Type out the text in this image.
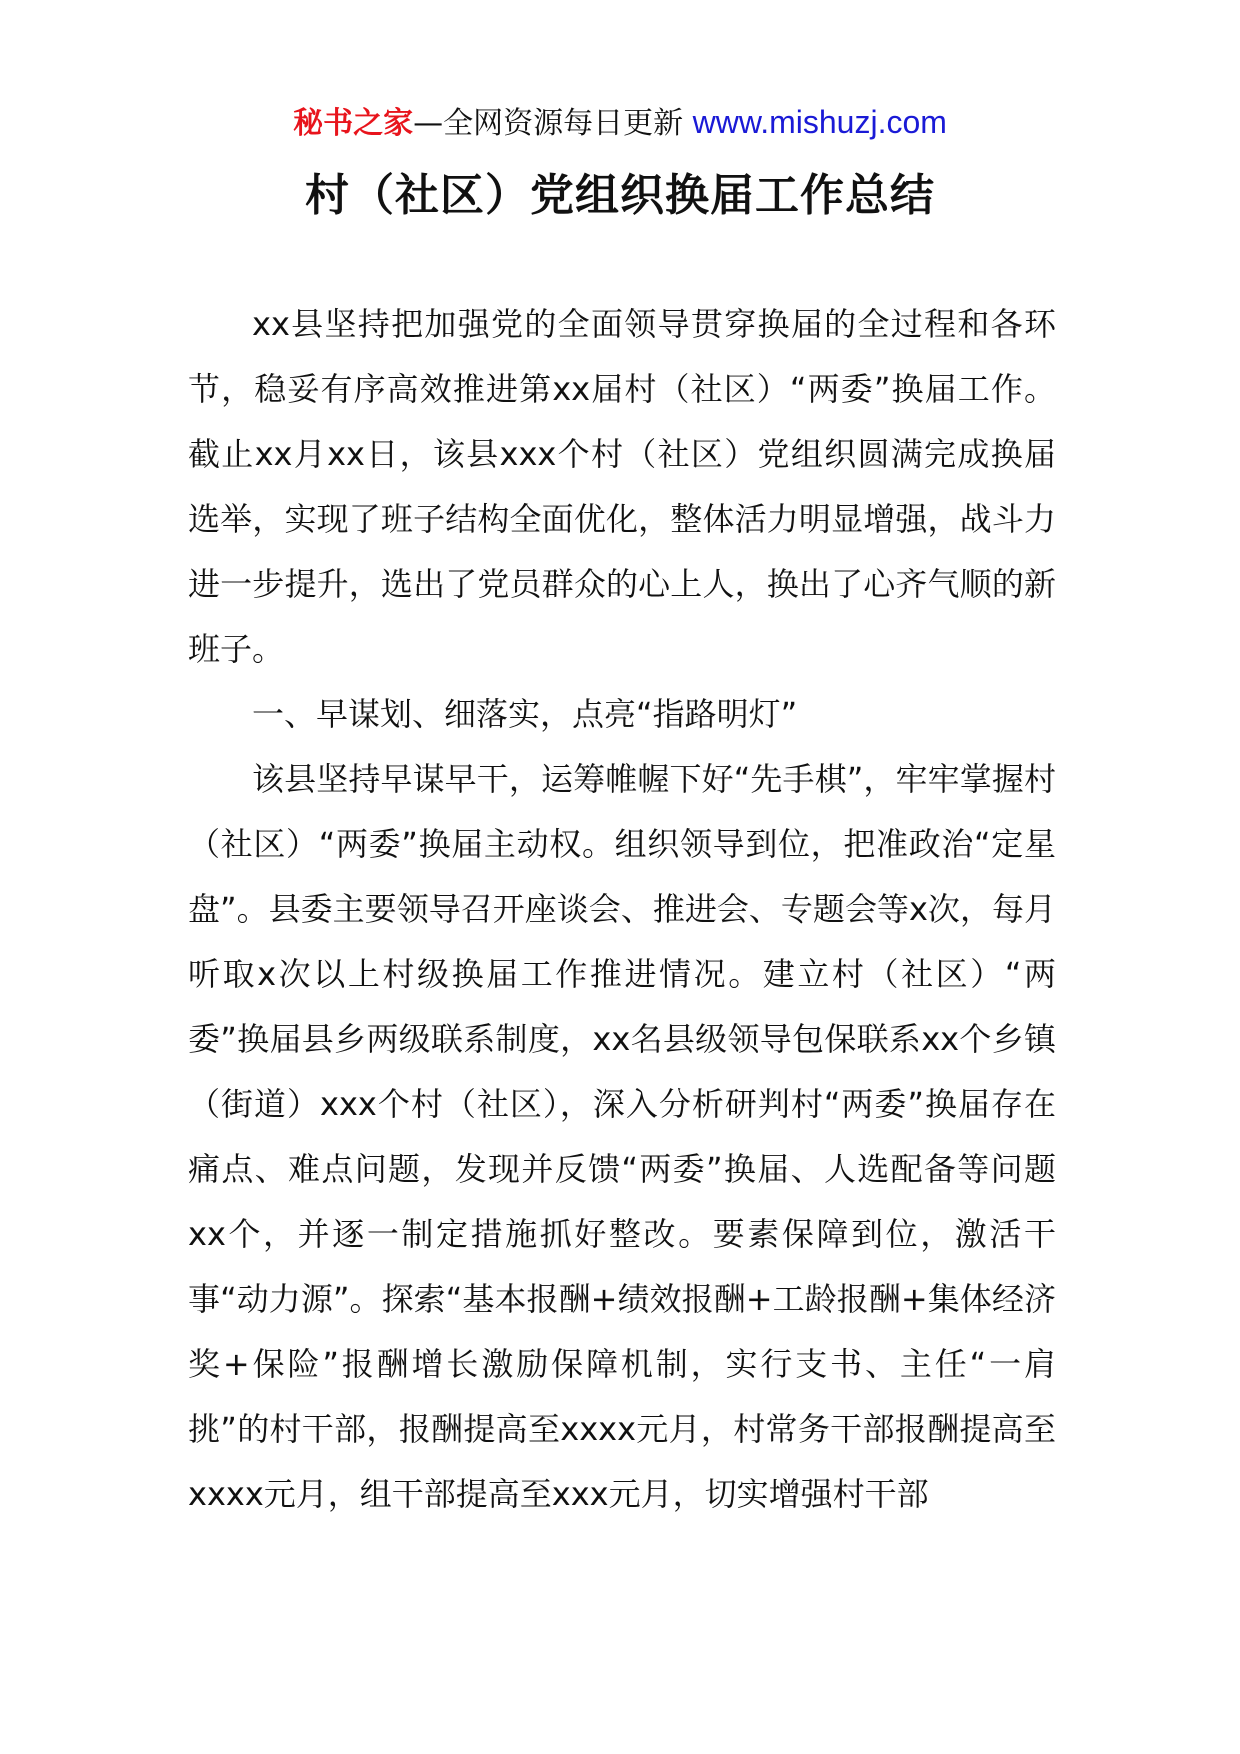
秘书之家—全网资源每日更新 www.mishuzj.com
村（社区）党组织换届工作总结

xx县坚持把加强党的全面领导贯穿换届的全过程和各环节，稳妥有序高效推进第xx届村（社区）“两委”换届工作。截止xx月xx日，该县xxx个村（社区）党组织圆满完成换届选举，实现了班子结构全面优化，整体活力明显增强，战斗力进一步提升，选出了党员群众的心上人，换出了心齐气顺的新班子。

一、早谋划、细落实，点亮“指路明灯”

该县坚持早谋早干，运筹帷幄下好“先手棋”，牢牢掌握村（社区）“两委”换届主动权。组织领导到位，把准政治“定星盘”。县委主要领导召开座谈会、推进会、专题会等x次，每月听取x次以上村级换届工作推进情况。建立村（社区）“两委”换届县乡两级联系制度，xx名县级领导包保联系xx个乡镇（街道）xxx个村（社区），深入分析研判村“两委”换届存在痛点、难点问题，发现并反馈“两委”换届、人选配备等问题xx个，并逐一制定措施抓好整改。要素保障到位，激活干事“动力源”。探索“基本报酬+绩效报酬+工龄报酬+集体经济奖+保险”报酬增长激励保障机制，实行支书、主任“一肩挑”的村干部，报酬提高至xxxx元月，村常务干部报酬提高至xxxx元月，组干部提高至xxx元月，切实增强村干部
